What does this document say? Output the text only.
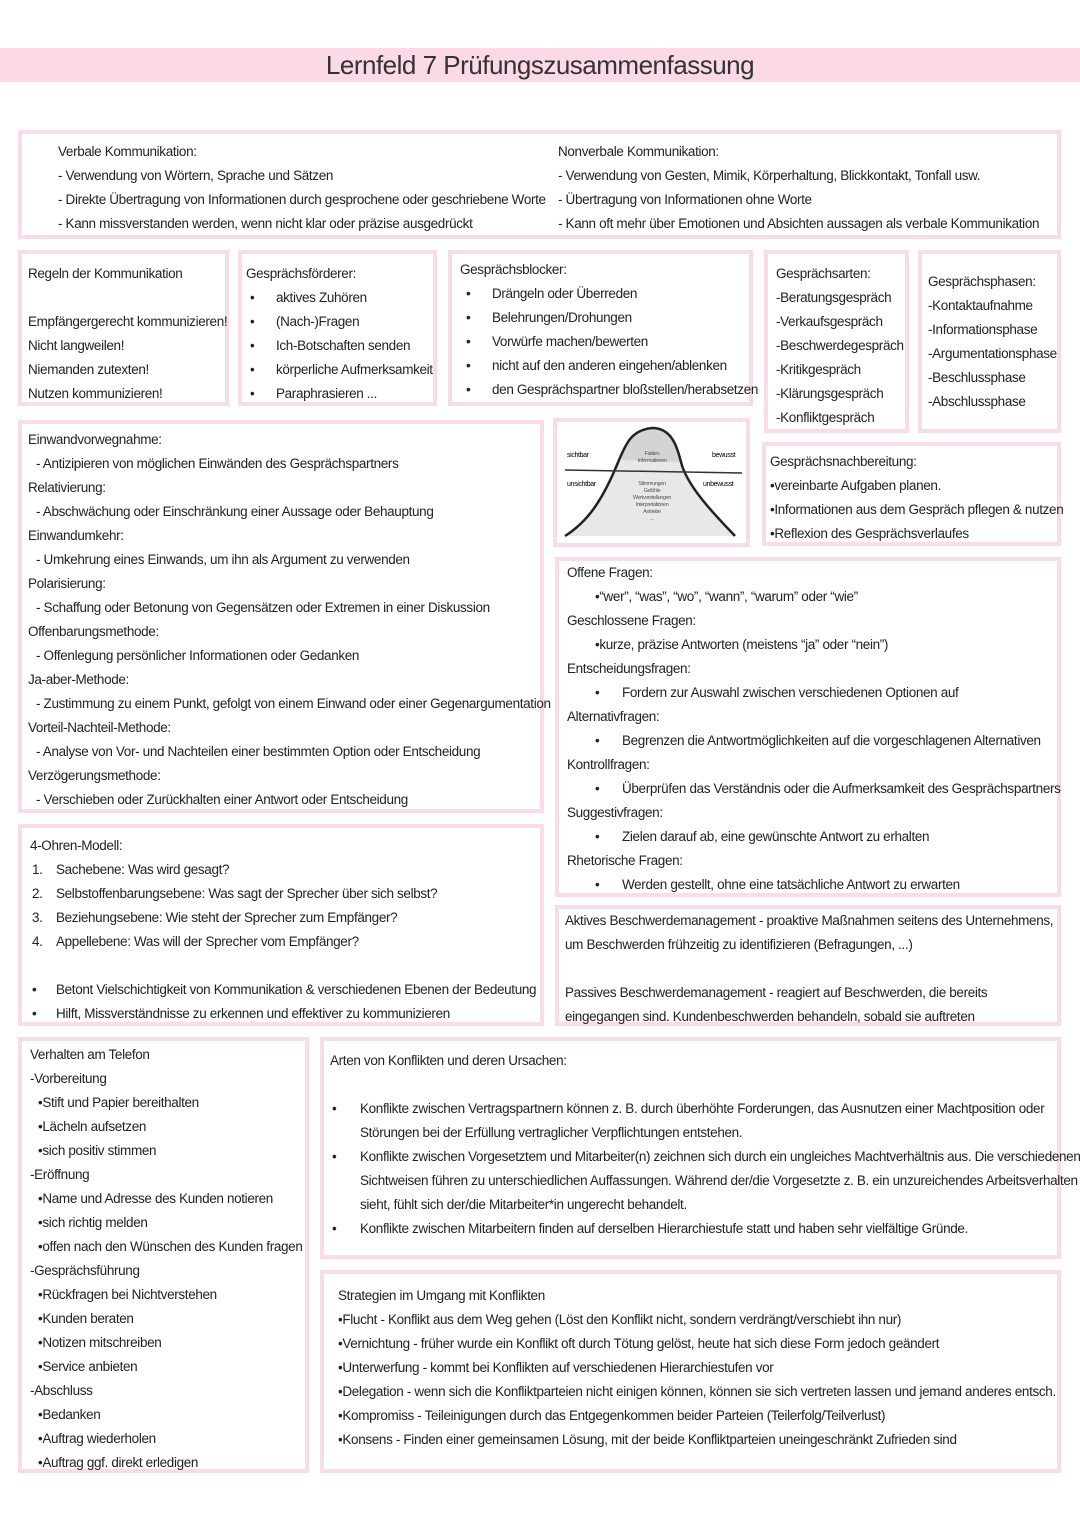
Lernfeld 7 Prüfungszusammenfassung
Verbale Kommunikation:
- Verwendung von Wörtern, Sprache und Sätzen
- Direkte Übertragung von Informationen durch gesprochene oder geschriebene Worte
- Kann missverstanden werden, wenn nicht klar oder präzise ausgedrückt
Nonverbale Kommunikation:
- Verwendung von Gesten, Mimik, Körperhaltung, Blickkontakt, Tonfall usw.
- Übertragung von Informationen ohne Worte
- Kann oft mehr über Emotionen und Absichten aussagen als verbale Kommunikation
Regeln der Kommunikation
Empfängergerecht kommunizieren!
Nicht langweilen!
Niemanden zutexten!
Nutzen kommunizieren!
Gesprächsförderer:
• aktives Zuhören
• (Nach-)Fragen
• Ich-Botschaften senden
• körperliche Aufmerksamkeit
• Paraphrasieren ...
Gesprächsblocker:
• Drängeln oder Überreden
• Belehrungen/Drohungen
• Vorwürfe machen/bewerten
• nicht auf den anderen eingehen/ablenken
• den Gesprächspartner bloßstellen/herabsetzen
Gesprächsarten:
-Beratungsgespräch
-Verkaufsgespräch
-Beschwerdegespräch
-Kritikgespräch
-Klärungsgespräch
-Konfliktgespräch
Gesprächsphasen:
-Kontaktaufnahme
-Informationsphase
-Argumentationsphase
-Beschlussphase
-Abschlussphase
Einwandvorwegnahme:
- Antizipieren von möglichen Einwänden des Gesprächspartners
Relativierung:
- Abschwächung oder Einschränkung einer Aussage oder Behauptung
Einwandumkehr:
- Umkehrung eines Einwands, um ihn als Argument zu verwenden
Polarisierung:
- Schaffung oder Betonung von Gegensätzen oder Extremen in einer Diskussion
Offenbarungsmethode:
- Offenlegung persönlicher Informationen oder Gedanken
Ja-aber-Methode:
- Zustimmung zu einem Punkt, gefolgt von einem Einwand oder einer Gegenargumentation
Vorteil-Nachteil-Methode:
- Analyse von Vor- und Nachteilen einer bestimmten Option oder Entscheidung
Verzögerungsmethode:
- Verschieben oder Zurückhalten einer Antwort oder Entscheidung
sichtbar
unsichtbar
bewusst
unbewusst
Fakten
Informationen
Stimmungen
Gefühle
Wertvorstellungen
Interpretationen
Antriebe
...
Gesprächsnachbereitung:
•vereinbarte Aufgaben planen.
•Informationen aus dem Gespräch pflegen & nutzen
•Reflexion des Gesprächsverlaufes
Offene Fragen:
•“wer”, “was”, “wo”, “wann”, “warum” oder “wie”
Geschlossene Fragen:
•kurze, präzise Antworten (meistens “ja” oder “nein”)
Entscheidungsfragen:
• Fordern zur Auswahl zwischen verschiedenen Optionen auf
Alternativfragen:
• Begrenzen die Antwortmöglichkeiten auf die vorgeschlagenen Alternativen
Kontrollfragen:
• Überprüfen das Verständnis oder die Aufmerksamkeit des Gesprächspartners
Suggestivfragen:
• Zielen darauf ab, eine gewünschte Antwort zu erhalten
Rhetorische Fragen:
• Werden gestellt, ohne eine tatsächliche Antwort zu erwarten
4-Ohren-Modell:
1. Sachebene: Was wird gesagt?
2. Selbstoffenbarungsebene: Was sagt der Sprecher über sich selbst?
3. Beziehungsebene: Wie steht der Sprecher zum Empfänger?
4. Appellebene: Was will der Sprecher vom Empfänger?
• Betont Vielschichtigkeit von Kommunikation & verschiedenen Ebenen der Bedeutung
• Hilft, Missverständnisse zu erkennen und effektiver zu kommunizieren
Aktives Beschwerdemanagement - proaktive Maßnahmen seitens des Unternehmens,
um Beschwerden frühzeitig zu identifizieren (Befragungen, ...)
Passives Beschwerdemanagement - reagiert auf Beschwerden, die bereits
eingegangen sind. Kundenbeschwerden behandeln, sobald sie auftreten
Verhalten am Telefon
-Vorbereitung
•Stift und Papier bereithalten
•Lächeln aufsetzen
•sich positiv stimmen
-Eröffnung
•Name und Adresse des Kunden notieren
•sich richtig melden
•offen nach den Wünschen des Kunden fragen
-Gesprächsführung
•Rückfragen bei Nichtverstehen
•Kunden beraten
•Notizen mitschreiben
•Service anbieten
-Abschluss
•Bedanken
•Auftrag wiederholen
•Auftrag ggf. direkt erledigen
Arten von Konflikten und deren Ursachen:
• Konflikte zwischen Vertragspartnern können z. B. durch überhöhte Forderungen, das Ausnutzen einer Machtposition oder
Störungen bei der Erfüllung vertraglicher Verpflichtungen entstehen.
• Konflikte zwischen Vorgesetztem und Mitarbeiter(n) zeichnen sich durch ein ungleiches Machtverhältnis aus. Die verschiedenen
Sichtweisen führen zu unterschiedlichen Auffassungen. Während der/die Vorgesetzte z. B. ein unzureichendes Arbeitsverhalten
sieht, fühlt sich der/die Mitarbeiter*in ungerecht behandelt.
• Konflikte zwischen Mitarbeitern finden auf derselben Hierarchiestufe statt und haben sehr vielfältige Gründe.
Strategien im Umgang mit Konflikten
•Flucht - Konflikt aus dem Weg gehen (Löst den Konflikt nicht, sondern verdrängt/verschiebt ihn nur)
•Vernichtung - früher wurde ein Konflikt oft durch Tötung gelöst, heute hat sich diese Form jedoch geändert
•Unterwerfung - kommt bei Konflikten auf verschiedenen Hierarchiestufen vor
•Delegation - wenn sich die Konfliktparteien nicht einigen können, können sie sich vertreten lassen und jemand anderes entsch.
•Kompromiss - Teileinigungen durch das Entgegenkommen beider Parteien (Teilerfolg/Teilverlust)
•Konsens - Finden einer gemeinsamen Lösung, mit der beide Konfliktparteien uneingeschränkt Zufrieden sind
